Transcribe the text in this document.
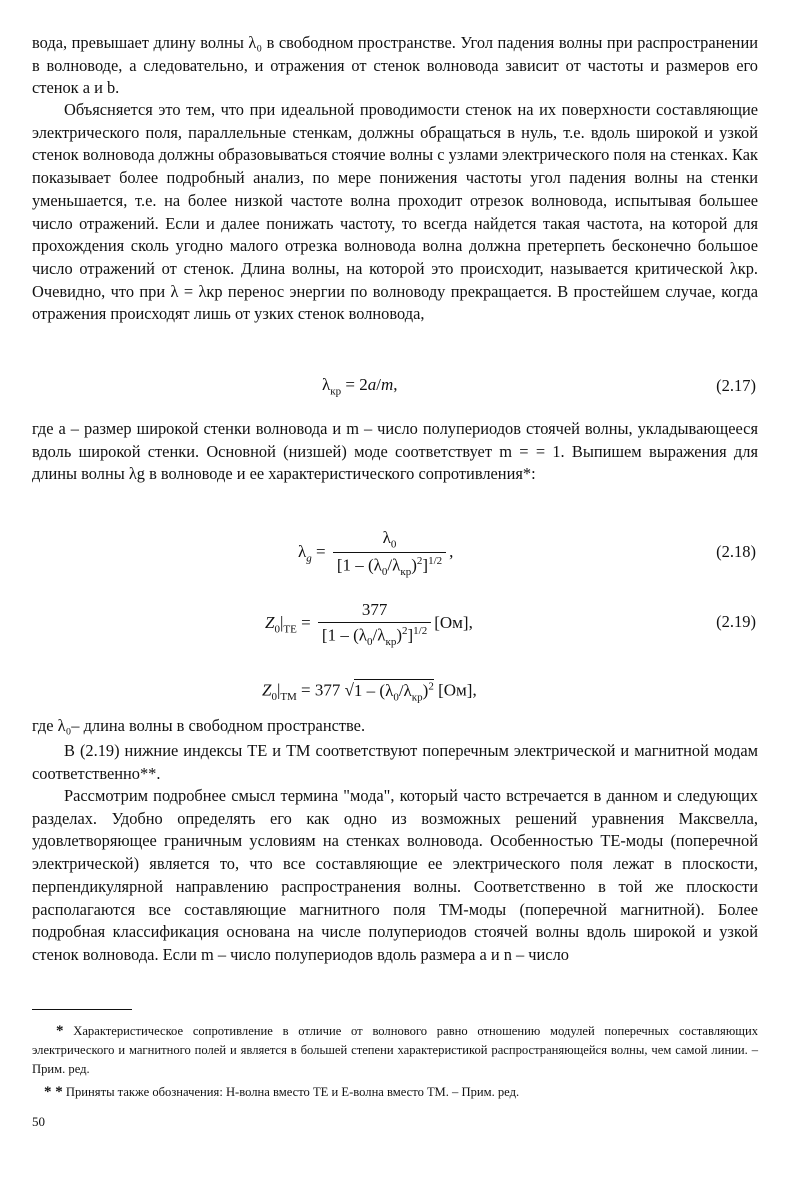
вода, превышает длину волны λ₀ в свободном пространстве. Угол падения волны при распространении в волноводе, а следовательно, и отражения от стенок волновода зависит от частоты и размеров его стенок a и b.

Объясняется это тем, что при идеальной проводимости стенок на их поверхности составляющие электрического поля, параллельные стенкам, должны обращаться в нуль, т.е. вдоль широкой и узкой стенок волновода должны образовываться стоячие волны с узлами электрического поля на стенках. Как показывает более подробный анализ, по мере понижения частоты угол падения волны на стенки уменьшается, т.е. на более низкой частоте волна проходит отрезок волновода, испытывая большее число отражений. Если и далее понижать частоту, то всегда найдется такая частота, на которой для прохождения сколь угодно малого отрезка волновода волна должна претерпеть бесконечно большое число отражений от стенок. Длина волны, на которой это происходит, называется критической λкр. Очевидно, что при λ = λкр перенос энергии по волноводу прекращается. В простейшем случае, когда отражения происходят лишь от узких стенок волновода,

$\lambda_{кр} = 2a/m$,	(2.17)

где a – размер широкой стенки волновода и m – число полупериодов стоячей волны, укладывающееся вдоль широкой стенки. Основной (низшей) моде соответствует m = = 1. Выпишем выражения для длины волны λg в волноводе и ее характеристического сопротивления*:

$\lambda_g = \frac{\lambda_0}{[1 - (\lambda_0/\lambda_{кр})^2]^{1/2}}$ ,	(2.18)
$Z_0|_{ТЕ} = \frac{377}{[1 - (\lambda_0/\lambda_{кр})^2]^{1/2}} [Ом]$,	(2.19)
$Z_0|_{ТМ} = 377$ $√1 - (\lambda_0/\lambda_{кр})^2$ [Ом],

где λ₀– длина волны в свободном пространстве.

В (2.19) нижние индексы ТЕ и ТМ соответствуют поперечным электрической и магнитной модам соответственно**.

Рассмотрим подробнее смысл термина "мода", который часто встречается в данном и следующих разделах. Удобно определять его как одно из возможных решений уравнения Максвелла, удовлетворяющее граничным условиям на стенках волновода. Особенностью ТЕ-моды (поперечной электрической) является то, что все составляющие ее электрического поля лежат в плоскости, перпендикулярной направлению распространения волны. Соответственно в той же плоскости располагаются все составляющие магнитного поля ТМ-моды (поперечной магнитной). Более подробная классификация основана на числе полупериодов стоячей волны вдоль широкой и узкой стенок волновода. Если m – число полупериодов вдоль размера a и n – число

* Характеристическое сопротивление в отличие от волнового равно отношению модулей поперечных составляющих электрического и магнитного полей и является в большей степени характеристикой распространяющейся волны, чем самой линии. – Прим. ред.

* * Приняты также обозначения: Н-волна вместо ТЕ и Е-волна вместо ТМ. – Прим. ред.

50
